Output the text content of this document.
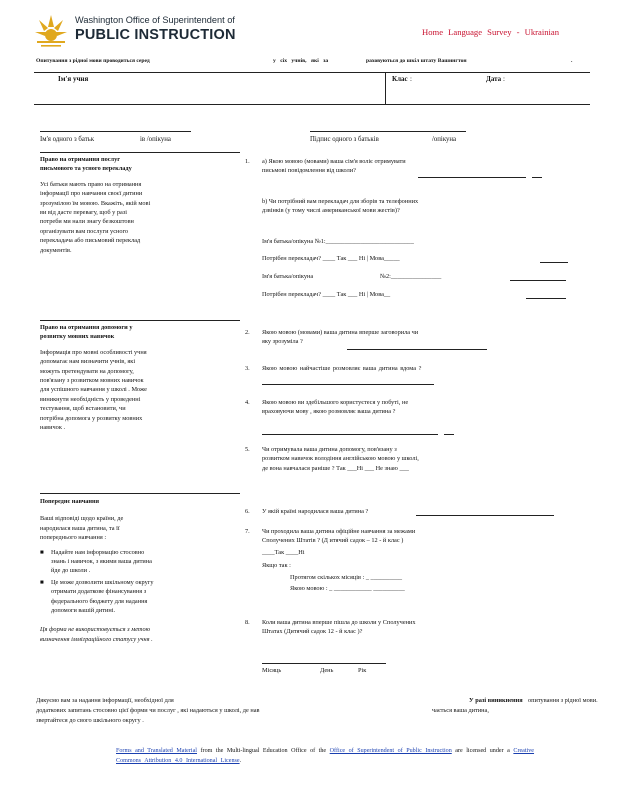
Washington Office of Superintendent of
PUBLIC INSTRUCTION	Home Language Survey - Ukrainian
Опитування з рідної мови проводиться серед	у сіх учнів, які за	раховуються до шкіл штату Вашингтон	.
Ім'я учня	Клас :	Дата :
Ім'я одного з батьк	ів /опікуна	Підпис одного з батьків	/опікуна
Право на отримання послуг
письмового та усного перекладу
Усі батьки мають право на отримання
інформації про навчання своєї дитини
зрозумілою їм мовою. Вкажіть, якій мові
ви від дасте перевагу, щоб у разі
потреби ми нали знагу безкоштовн
організувати вам послуги усного
перекладача або письмовий переклад
документів.
Право на отримання допомоги у
розвитку мовних навичок
Інформація про мовні особливості учня
допомагає нам визначити учнів, які
можуть претендувати на допомогу,
пов'язану з розвитком мовних навичок
для успішного навчання у школі . Може
виникнути необхідність у проведенні
тестування, щоб встановити, чи
потрібна допомога у розвитку мовних
навичок .
Попереднє навчання
Ваші відповіді щодо країни, де
народилася ваша дитина, та її
попереднього навчання :
■	Надайте нам інформацію стосовно
знань і навичок, з якими ваша дитина
йде до школи .
■	Це може дозволити шкільному округу
отримати додаткове фінансування з
федерального бюджету для надання
допомоги вашій дитині.
Ця форма не використовується з метою
визначення імміграційного статусу учня .
1. a) Якою мовою (мовами) ваша сім'я воліє отримувати
письмові повідомлення від школи?
b) Чи потрібний вам перекладач для зборів та телефонних
дзвінків (у тому числі американської мови жестів)?
Ім'я батька/опікуна №1:____________________________
Потрібен перекладач? ____ Так ___ Ні | Мова_____
Ім'я батька/опікуна	№2:________________
Потрібен перекладач? ____ Так ___ Ні | Мова__
2. Якою мовою (мовами) ваша дитина вперше заговорила чи
яку зрозуміла ?
3. Якою мовою найчастіше розмовляє ваша дитина вдома ?
4. Якою мовою ви здебільшого користуєтеся у побуті, не
враховуючи мову , якою розмовляє ваша дитина ?
5. Чи отримувала ваша дитина допомогу, пов'язану з
розвитком навичок володіння англійською мовою у школі,
де вона навчалася раніше ? Так ___Ні ___ Не знаю ___
6. У якій країні народилася ваша дитина ?
7. Чи проходила ваша дитина офіційне навчання за межами
Сполучених Штатів ? (Д итячий садок – 12 - й клас )
____Так ____Ні
Якщо так :
Протягом скількох місяців : _ __________
Якою мовою : _ ____________ __________
8. Коли ваша дитина вперше пішла до школи у Сполучених
Штатах (Дитячий садок 12 - й клас )?
Місяць	День	Рік
Дякуємо вам за надання інформації, необхідної для
додаткових запитань стосовно цієї форми чи послуг , які надаються у школі, де нав
звертайтеся до свого шкільного округу .
У разі виникнення опитування з рідної мови.
чається ваша дитина,
Forms and Translated Material from the Multi-lingual Education Office of the Office of Superintendent of Public Instruction are licensed under a Creative
Commons Attribution 4.0 International License.
